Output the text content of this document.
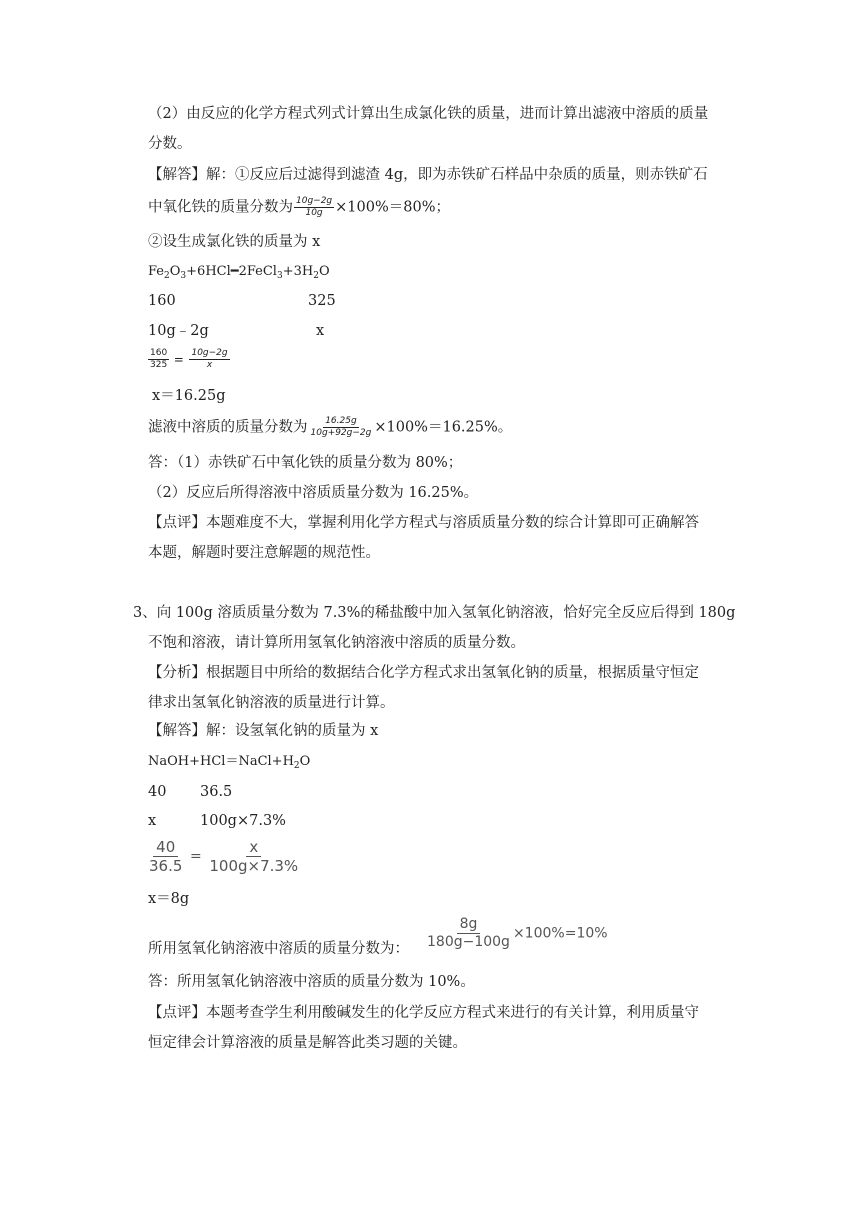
（2）由反应的化学方程式列式计算出生成氯化铁的质量，进而计算出滤液中溶质的质量
分数。
【解答】解：①反应后过滤得到滤渣 4g，即为赤铁矿石样品中杂质的质量，则赤铁矿石
中氧化铁的质量分数为 $\frac{10g-2g}{10g} \times 100\%=80\%$；
②设生成氯化铁的质量为 x
$Fe_2O_3+6HCl━2FeCl_3+3H_2O$
160	325
10g﹣2g	x
$\frac{160}{325} = \frac{10g-2g}{x}$
x＝16.25g
滤液中溶质的质量分数为 $\frac{16.25g}{10g+92g-2g} \times 100\%=16.25\%$。
答：（1）赤铁矿石中氧化铁的质量分数为 80%；
（2）反应后所得溶液中溶质质量分数为 16.25%。
【点评】本题难度不大，掌握利用化学方程式与溶质质量分数的综合计算即可正确解答
本题，解题时要注意解题的规范性。
3、向 100g 溶质质量分数为 7.3%的稀盐酸中加入氢氧化钠溶液，恰好完全反应后得到 180g
不饱和溶液，请计算所用氢氧化钠溶液中溶质的质量分数。
【分析】根据题目中所给的数据结合化学方程式求出氢氧化钠的质量，根据质量守恒定
律求出氢氧化钠溶液的质量进行计算。
【解答】解：设氢氧化钠的质量为 x
$NaOH+HCl=NaCl+H_2O$
40 36.5
x	100g×7.3%
$\frac{40}{36.5} = \frac{x}{100g\times 7.3\%}$
x＝8g
所用氢氧化钠溶液中溶质的质量分数为： $\frac{8g}{180g-100g} \times 100\%=10\%$
答：所用氢氧化钠溶液中溶质的质量分数为 10%。
【点评】本题考查学生利用酸碱发生的化学反应方程式来进行的有关计算，利用质量守
恒定律会计算溶液的质量是解答此类习题的关键。
